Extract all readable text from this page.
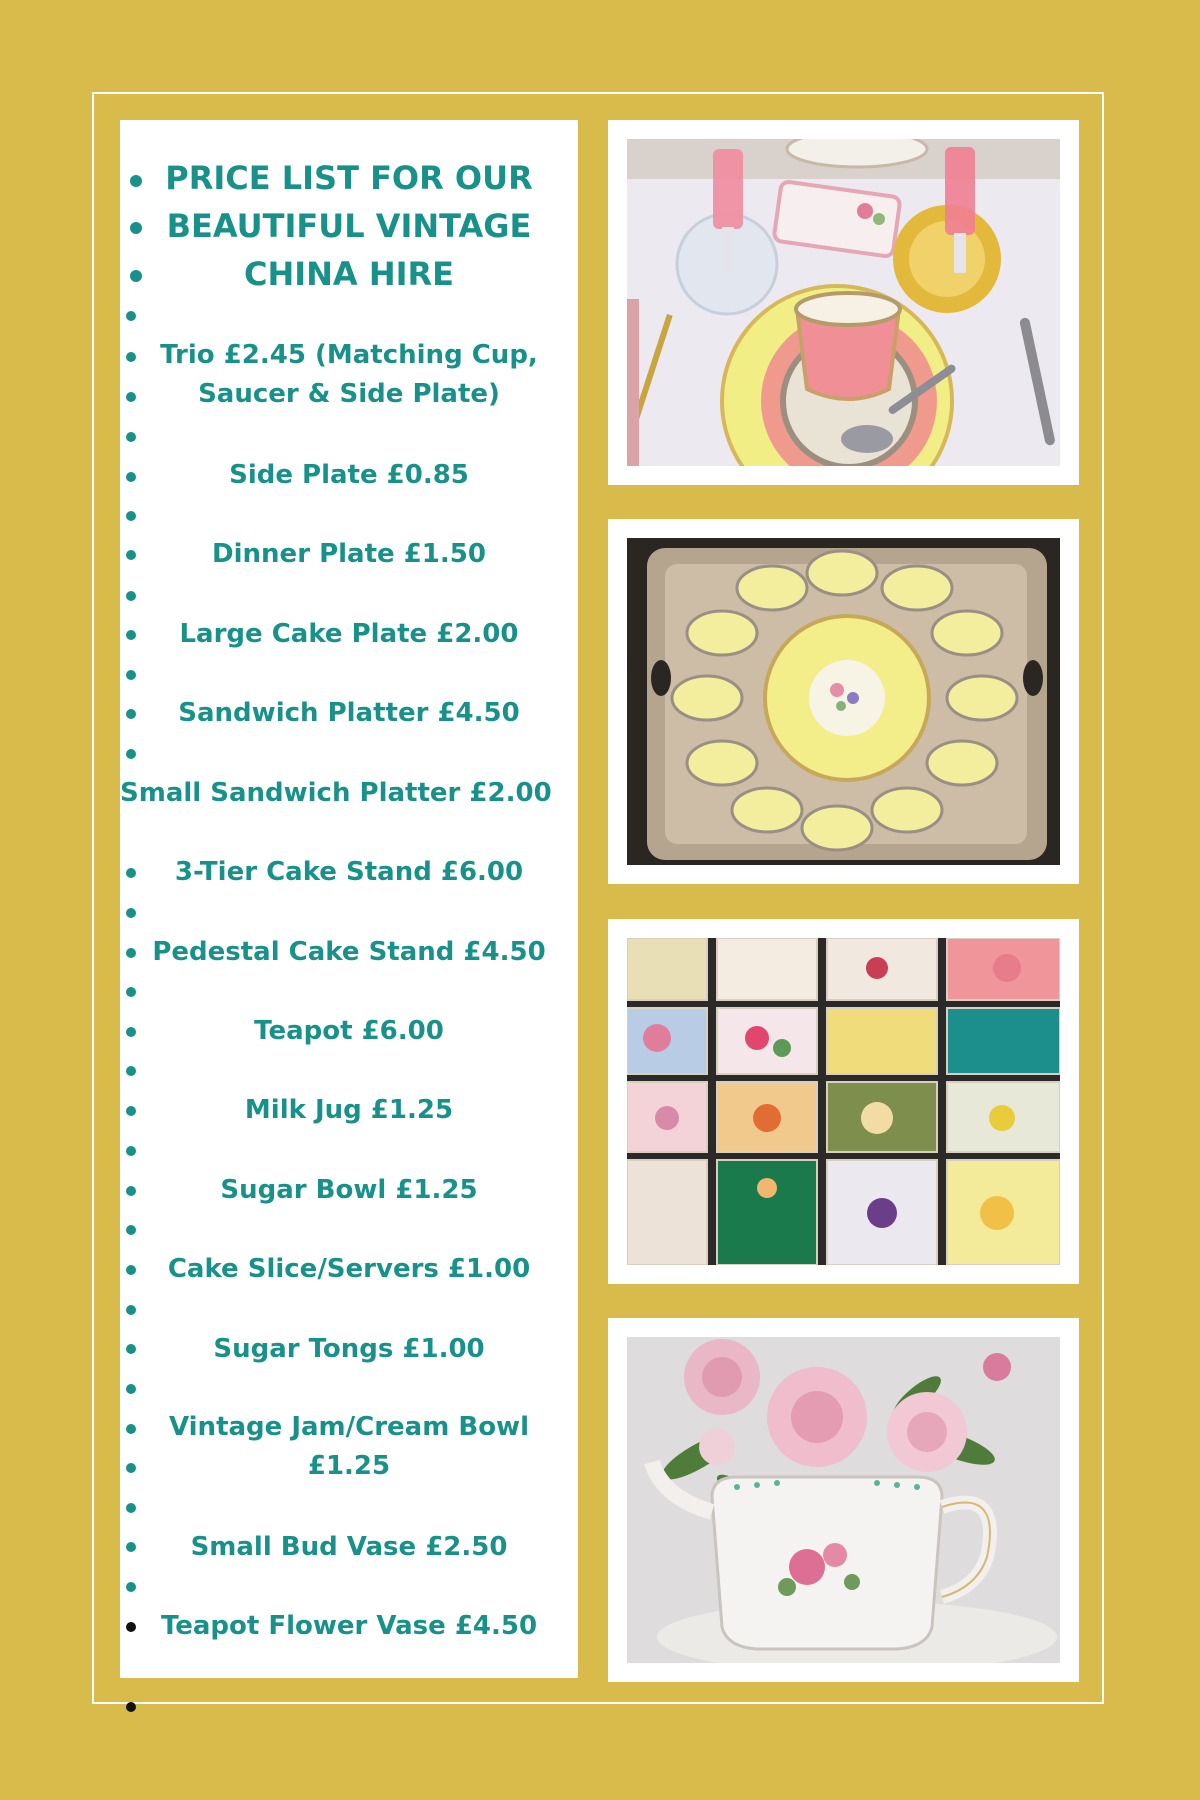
PRICE LIST FOR OUR
BEAUTIFUL VINTAGE
CHINA HIRE
Trio £2.45 (Matching Cup,
Saucer & Side Plate)
Side Plate £0.85
Dinner Plate £1.50
Large Cake Plate £2.00
Sandwich Platter £4.50
Small Sandwich Platter £2.00
3-Tier Cake Stand £6.00
Pedestal Cake Stand £4.50
Teapot £6.00
Milk Jug £1.25
Sugar Bowl £1.25
Cake Slice/Servers £1.00
Sugar Tongs £1.00
Vintage Jam/Cream Bowl
£1.25
Small Bud Vase £2.50
Teapot Flower Vase £4.50
